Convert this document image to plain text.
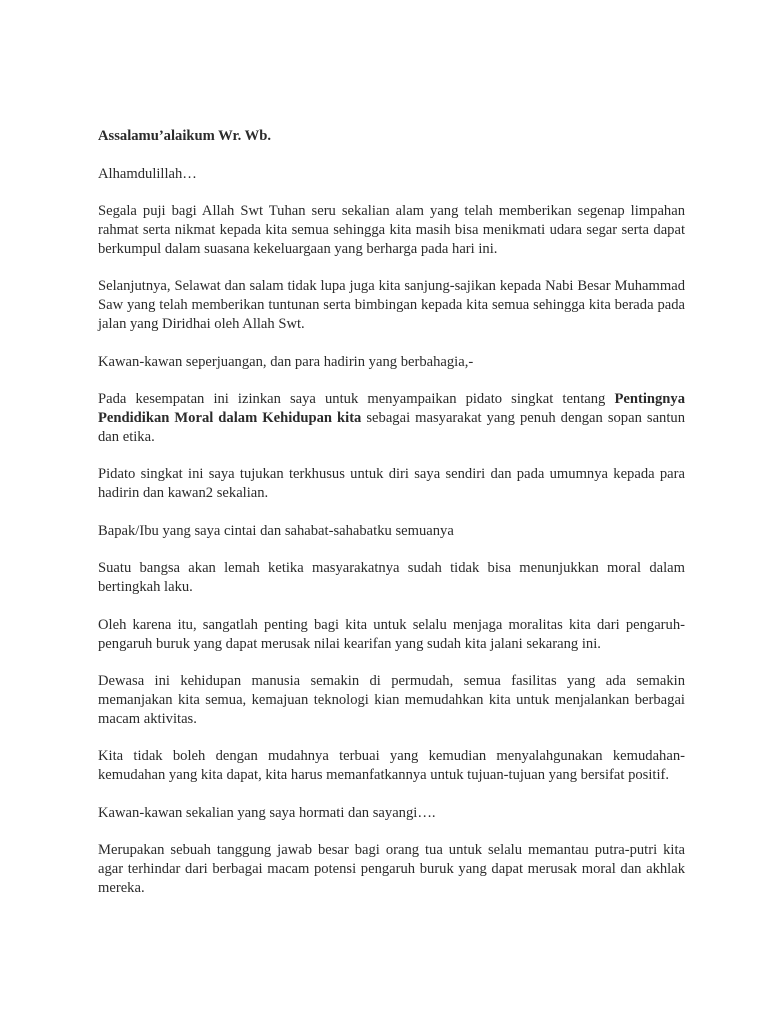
Assalamu’alaikum Wr. Wb.

Alhamdulillah…

Segala puji bagi Allah Swt Tuhan seru sekalian alam yang telah memberikan segenap limpahan rahmat serta nikmat kepada kita semua sehingga kita masih bisa menikmati udara segar serta dapat berkumpul dalam suasana kekeluargaan yang berharga pada hari ini.

Selanjutnya, Selawat dan salam tidak lupa juga kita sanjung-sajikan kepada Nabi Besar Muhammad Saw yang telah memberikan tuntunan serta bimbingan kepada kita semua sehingga kita berada pada jalan yang Diridhai oleh Allah Swt.

Kawan-kawan seperjuangan, dan para hadirin yang berbahagia,-

Pada kesempatan ini izinkan saya untuk menyampaikan pidato singkat tentang Pentingnya Pendidikan Moral dalam Kehidupan kita sebagai masyarakat yang penuh dengan sopan santun dan etika.

Pidato singkat ini saya tujukan terkhusus untuk diri saya sendiri dan pada umumnya kepada para hadirin dan kawan2 sekalian.

Bapak/Ibu yang saya cintai dan sahabat-sahabatku semuanya

Suatu bangsa akan lemah ketika masyarakatnya sudah tidak bisa menunjukkan moral dalam bertingkah laku.

Oleh karena itu, sangatlah penting bagi kita untuk selalu menjaga moralitas kita dari pengaruh-pengaruh buruk yang dapat merusak nilai kearifan yang sudah kita jalani sekarang ini.

Dewasa ini kehidupan manusia semakin di permudah, semua fasilitas yang ada semakin memanjakan kita semua, kemajuan teknologi kian memudahkan kita untuk menjalankan berbagai macam aktivitas.

Kita tidak boleh dengan mudahnya terbuai yang kemudian menyalahgunakan kemudahan-kemudahan yang kita dapat, kita harus memanfatkannya untuk tujuan-tujuan yang bersifat positif.

Kawan-kawan sekalian yang saya hormati dan sayangi….

Merupakan sebuah tanggung jawab besar bagi orang tua untuk selalu memantau putra-putri kita agar terhindar dari berbagai macam potensi pengaruh buruk yang dapat merusak moral dan akhlak mereka.
